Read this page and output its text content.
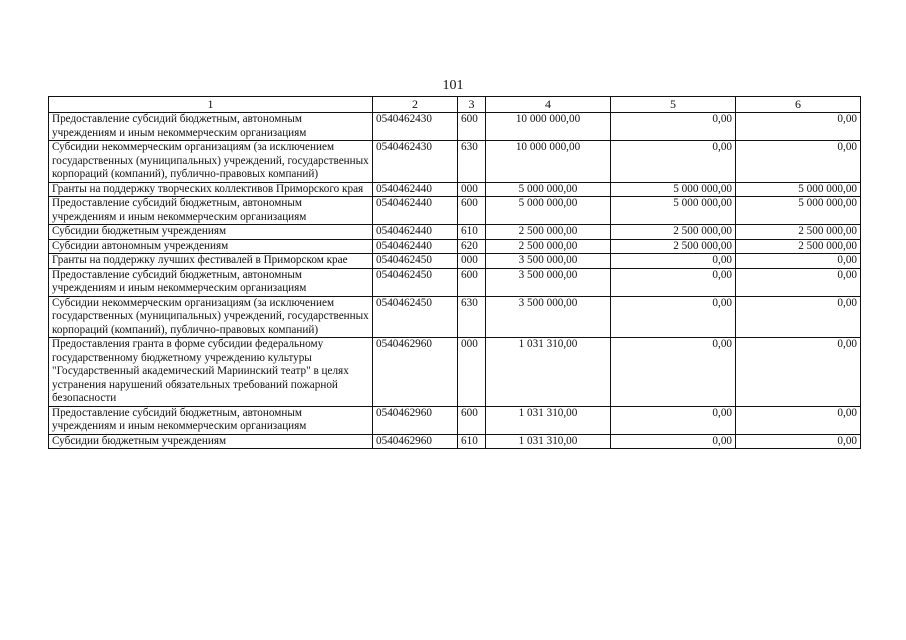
101
1	2	3	4	5	6
Предоставление субсидий бюджетным, автономным учреждениям и иным некоммерческим организациям	0540462430	600	10 000 000,00	0,00	0,00
Субсидии некоммерческим организациям (за исключением государственных (муниципальных) учреждений, государственных корпораций (компаний), публично-правовых компаний)	0540462430	630	10 000 000,00	0,00	0,00
Гранты на поддержку творческих коллективов Приморского края	0540462440	000	5 000 000,00	5 000 000,00	5 000 000,00
Предоставление субсидий бюджетным, автономным учреждениям и иным некоммерческим организациям	0540462440	600	5 000 000,00	5 000 000,00	5 000 000,00
Субсидии бюджетным учреждениям	0540462440	610	2 500 000,00	2 500 000,00	2 500 000,00
Субсидии автономным учреждениям	0540462440	620	2 500 000,00	2 500 000,00	2 500 000,00
Гранты на поддержку лучших фестивалей в Приморском крае	0540462450	000	3 500 000,00	0,00	0,00
Предоставление субсидий бюджетным, автономным учреждениям и иным некоммерческим организациям	0540462450	600	3 500 000,00	0,00	0,00
Субсидии некоммерческим организациям (за исключением государственных (муниципальных) учреждений, государственных корпораций (компаний), публично-правовых компаний)	0540462450	630	3 500 000,00	0,00	0,00
Предоставления гранта в форме субсидии федеральному государственному бюджетному учреждению культуры "Государственный академический Мариинский театр" в целях устранения нарушений обязательных требований пожарной безопасности	0540462960	000	1 031 310,00	0,00	0,00
Предоставление субсидий бюджетным, автономным учреждениям и иным некоммерческим организациям	0540462960	600	1 031 310,00	0,00	0,00
Субсидии бюджетным учреждениям	0540462960	610	1 031 310,00	0,00	0,00
